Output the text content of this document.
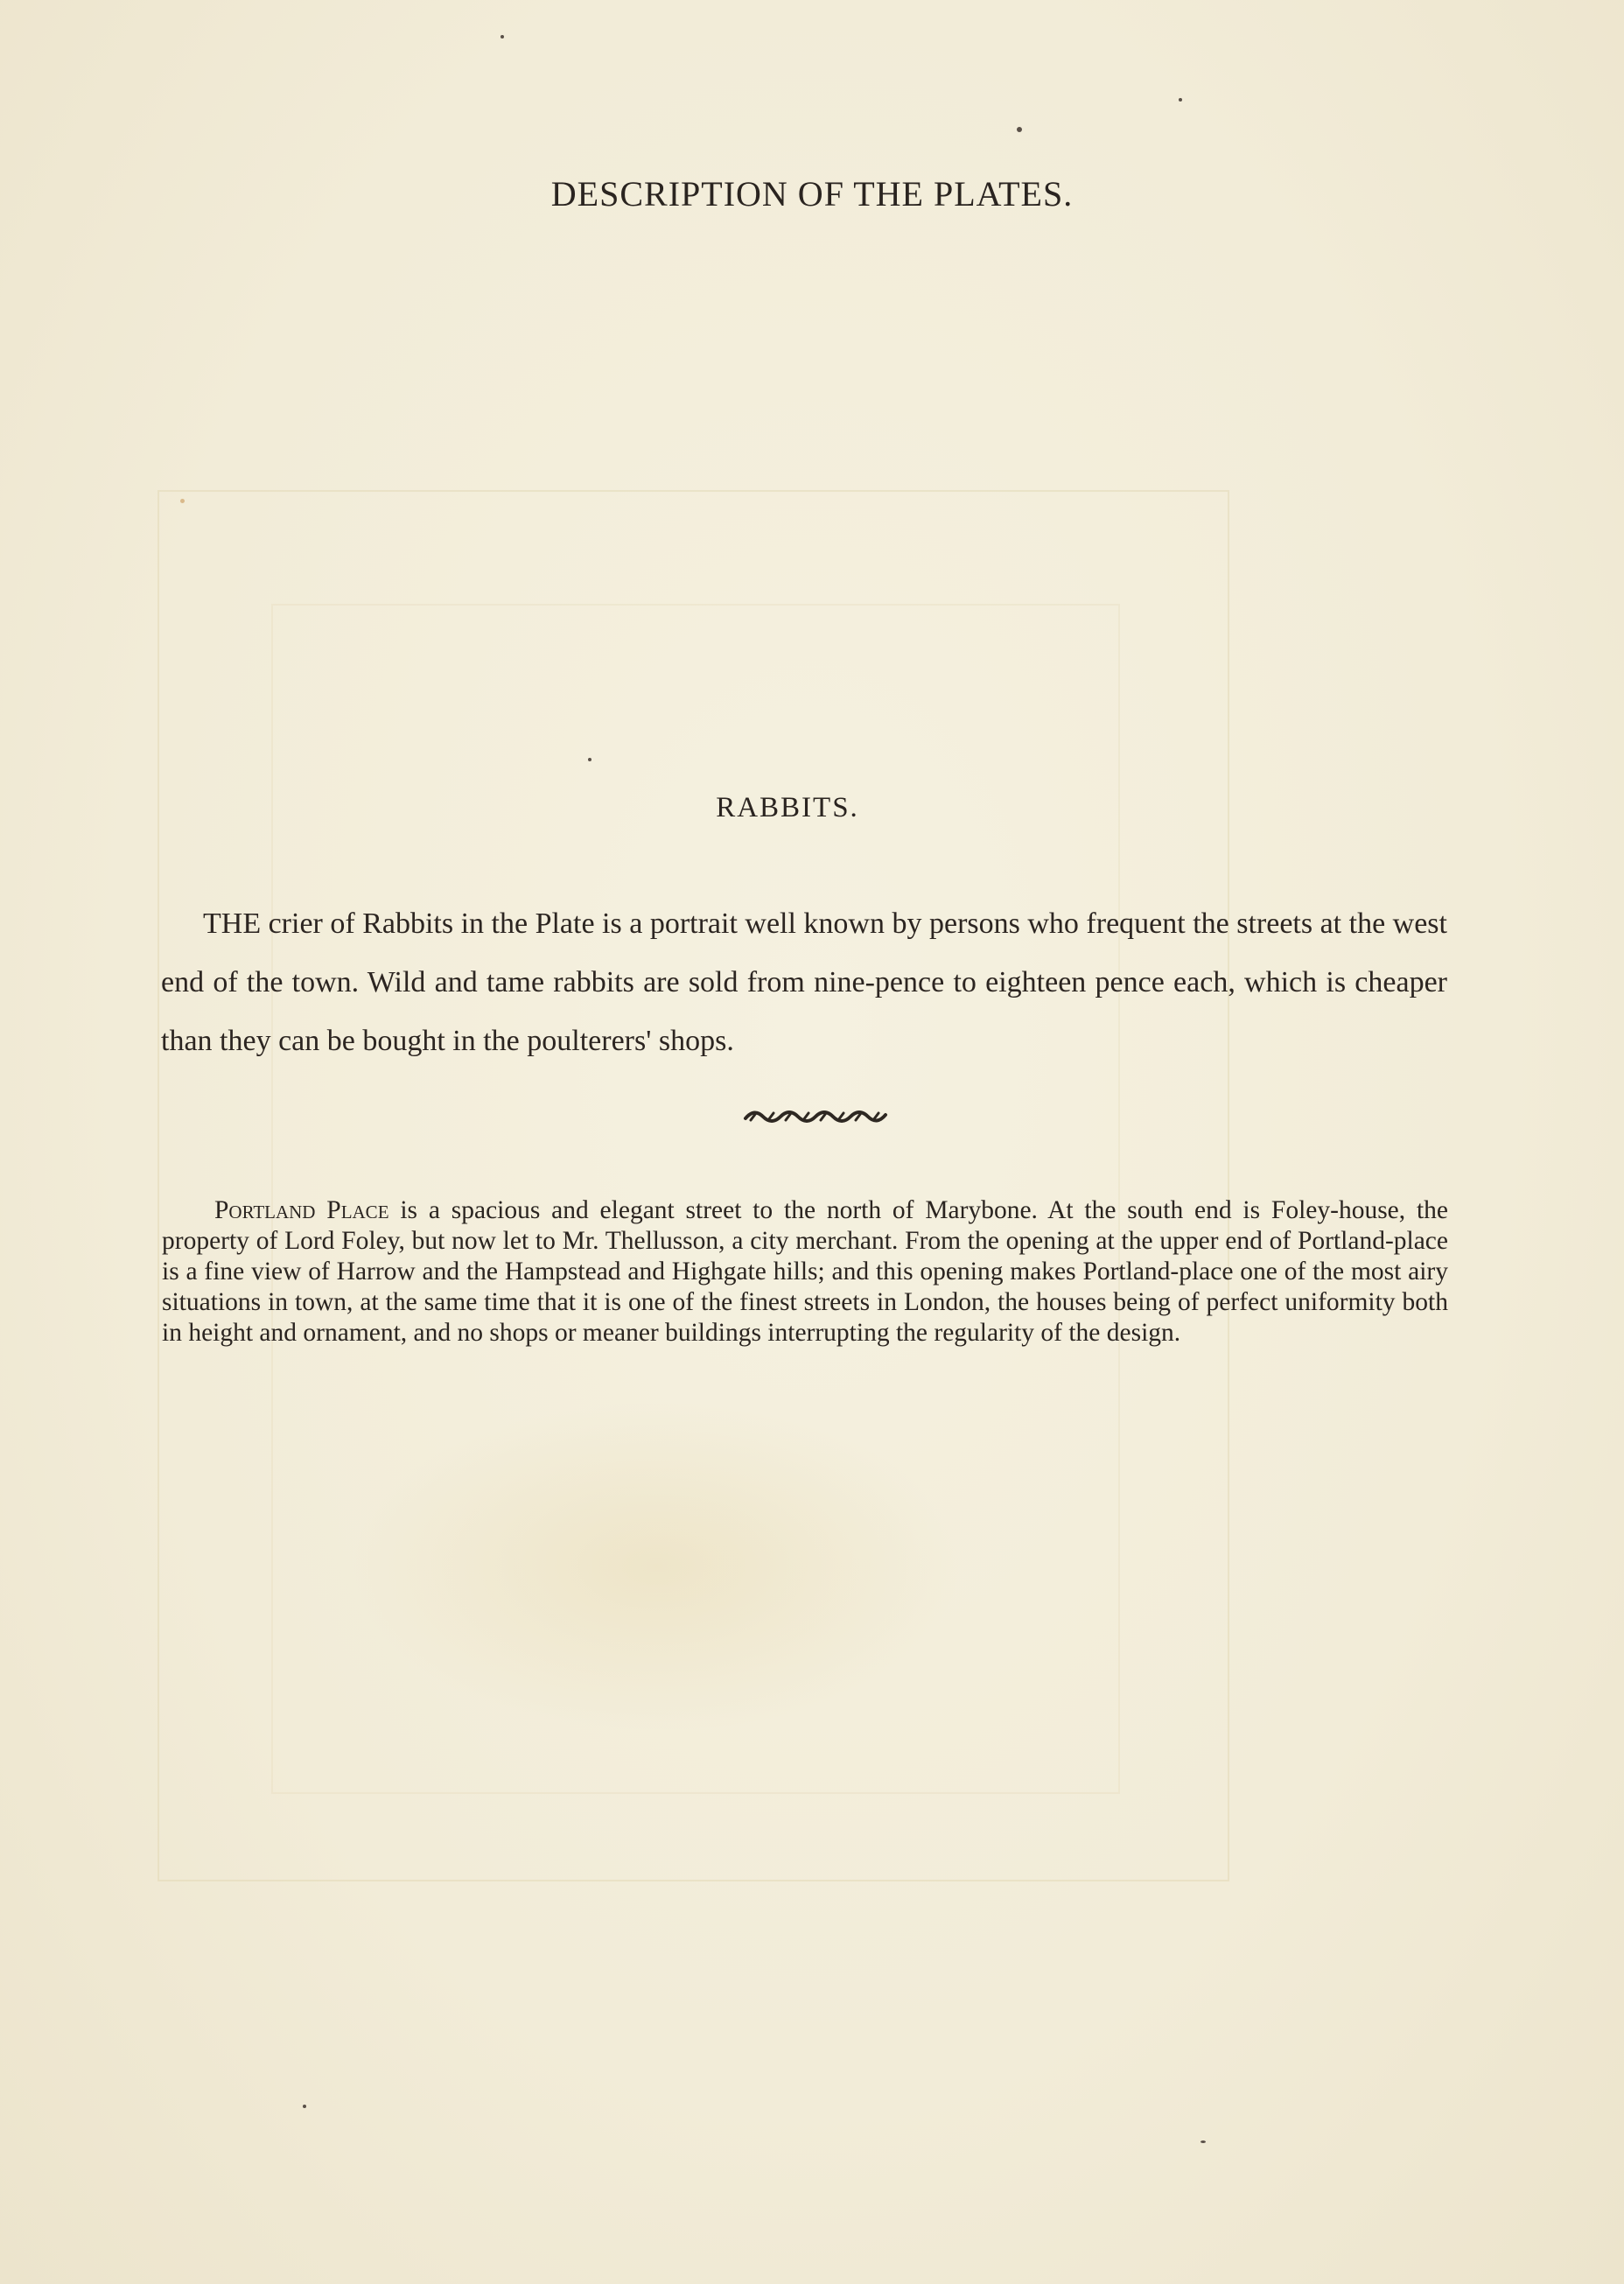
DESCRIPTION OF THE PLATES.
RABBITS.

THE crier of Rabbits in the Plate is a portrait well known by persons who frequent the streets at the west end of the town. Wild and tame rabbits are sold from nine-pence to eighteen pence each, which is cheaper than they can be bought in the poulterers' shops.

Portland Place is a spacious and elegant street to the north of Marybone. At the south end is Foley-house, the property of Lord Foley, but now let to Mr. Thellusson, a city merchant. From the opening at the upper end of Portland-place is a fine view of Harrow and the Hampstead and Highgate hills; and this opening makes Portland-place one of the most airy situations in town, at the same time that it is one of the finest streets in London, the houses being of perfect uniformity both in height and ornament, and no shops or meaner buildings interrupting the regularity of the design.
